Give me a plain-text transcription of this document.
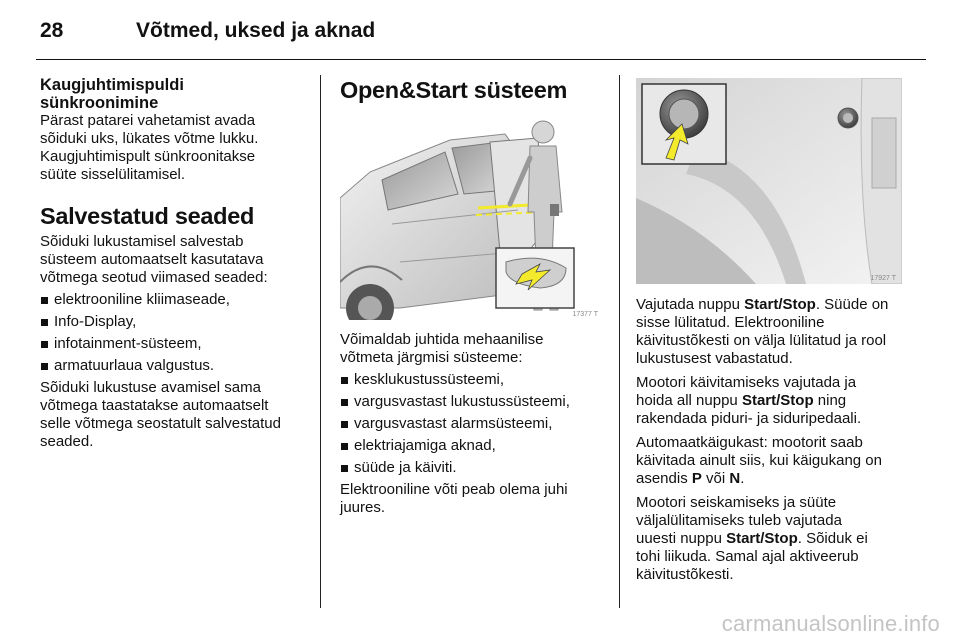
28	Võtmed, uksed ja aknad
Kaugjuhtimispuldi
sünkroonimine

Pärast patarei vahetamist avada
sõiduki uks, lükates võtme lukku.
Kaugjuhtimispult sünkroonitakse
süüte sisselülitamisel.

Salvestatud seaded

Sõiduki lukustamisel salvestab
süsteem automaatselt kasutatava
võtmega seotud viimased seaded:

elektrooniline kliimaseade,
Info-Display,
infotainment-süsteem,
armatuurlaua valgustus.

Sõiduki lukustuse avamisel sama
võtmega taastatakse automaatselt
selle võtmega seostatult salvestatud
seaded.

Open&Start süsteem
17377 T

Võimaldab juhtida mehaanilise
võtmeta järgmisi süsteeme:

kesklukustussüsteemi,
vargusvastast lukustussüsteemi,
vargusvastast alarmsüsteemi,
elektriajamiga aknad,
süüde ja käiviti.

Elektrooniline võti peab olema juhi
juures.

17927 T

Vajutada nuppu Start/Stop. Süüde on
sisse lülitatud. Elektrooniline
käivitustõkesti on välja lülitatud ja rool
lukustusest vabastatud.

Mootori käivitamiseks vajutada ja
hoida all nuppu Start/Stop ning
rakendada piduri- ja siduripedaali.

Automaatkäigukast: mootorit saab
käivitada ainult siis, kui käigukang on
asendis P või N.

Mootori seiskamiseks ja süüte
väljalülitamiseks tuleb vajutada
uuesti nuppu Start/Stop. Sõiduk ei
tohi liikuda. Samal ajal aktiveerub
käivitustõkesti.

carmanualsonline.info
